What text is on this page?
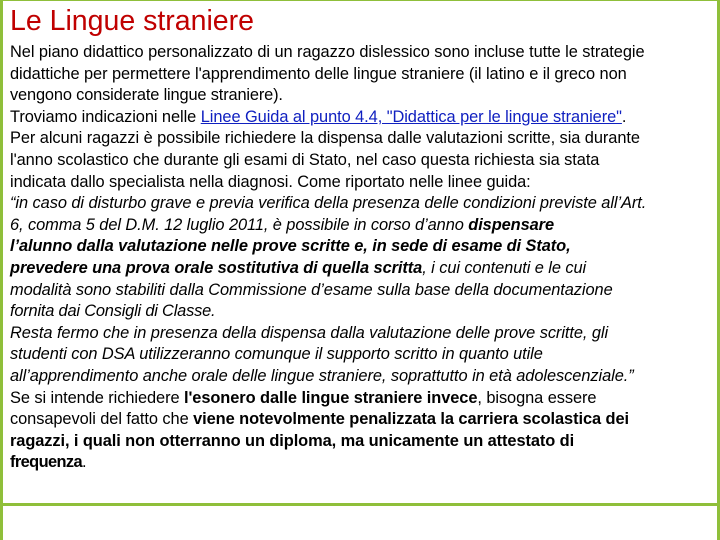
Le Lingue straniere
Nel piano didattico personalizzato di un ragazzo dislessico sono incluse tutte le strategie
didattiche per permettere l'apprendimento delle lingue straniere (il latino e il greco non
vengono considerate lingue straniere).
Troviamo indicazioni nelle Linee Guida al punto 4.4, "Didattica per le lingue straniere".
Per alcuni ragazzi è possibile richiedere la dispensa dalle valutazioni scritte, sia durante
l'anno scolastico che durante gli esami di Stato, nel caso questa richiesta sia stata
indicata dallo specialista nella diagnosi. Come riportato nelle linee guida:
“in caso di disturbo grave e previa verifica della presenza delle condizioni previste all’Art.
6, comma 5 del D.M. 12 luglio 2011, è possibile in corso d’anno dispensare
l’alunno dalla valutazione nelle prove scritte e, in sede di esame di Stato,
prevedere una prova orale sostitutiva di quella scritta, i cui contenuti e le cui
modalità sono stabiliti dalla Commissione d’esame sulla base della documentazione
fornita dai Consigli di Classe.
Resta fermo che in presenza della dispensa dalla valutazione delle prove scritte, gli
studenti con DSA utilizzeranno comunque il supporto scritto in quanto utile
all’apprendimento anche orale delle lingue straniere, soprattutto in età adolescenziale.”
Se si intende richiedere l'esonero dalle lingue straniere invece, bisogna essere
consapevoli del fatto che viene notevolmente penalizzata la carriera scolastica dei
ragazzi, i quali non otterranno un diploma, ma unicamente un attestato di
frequenza.
